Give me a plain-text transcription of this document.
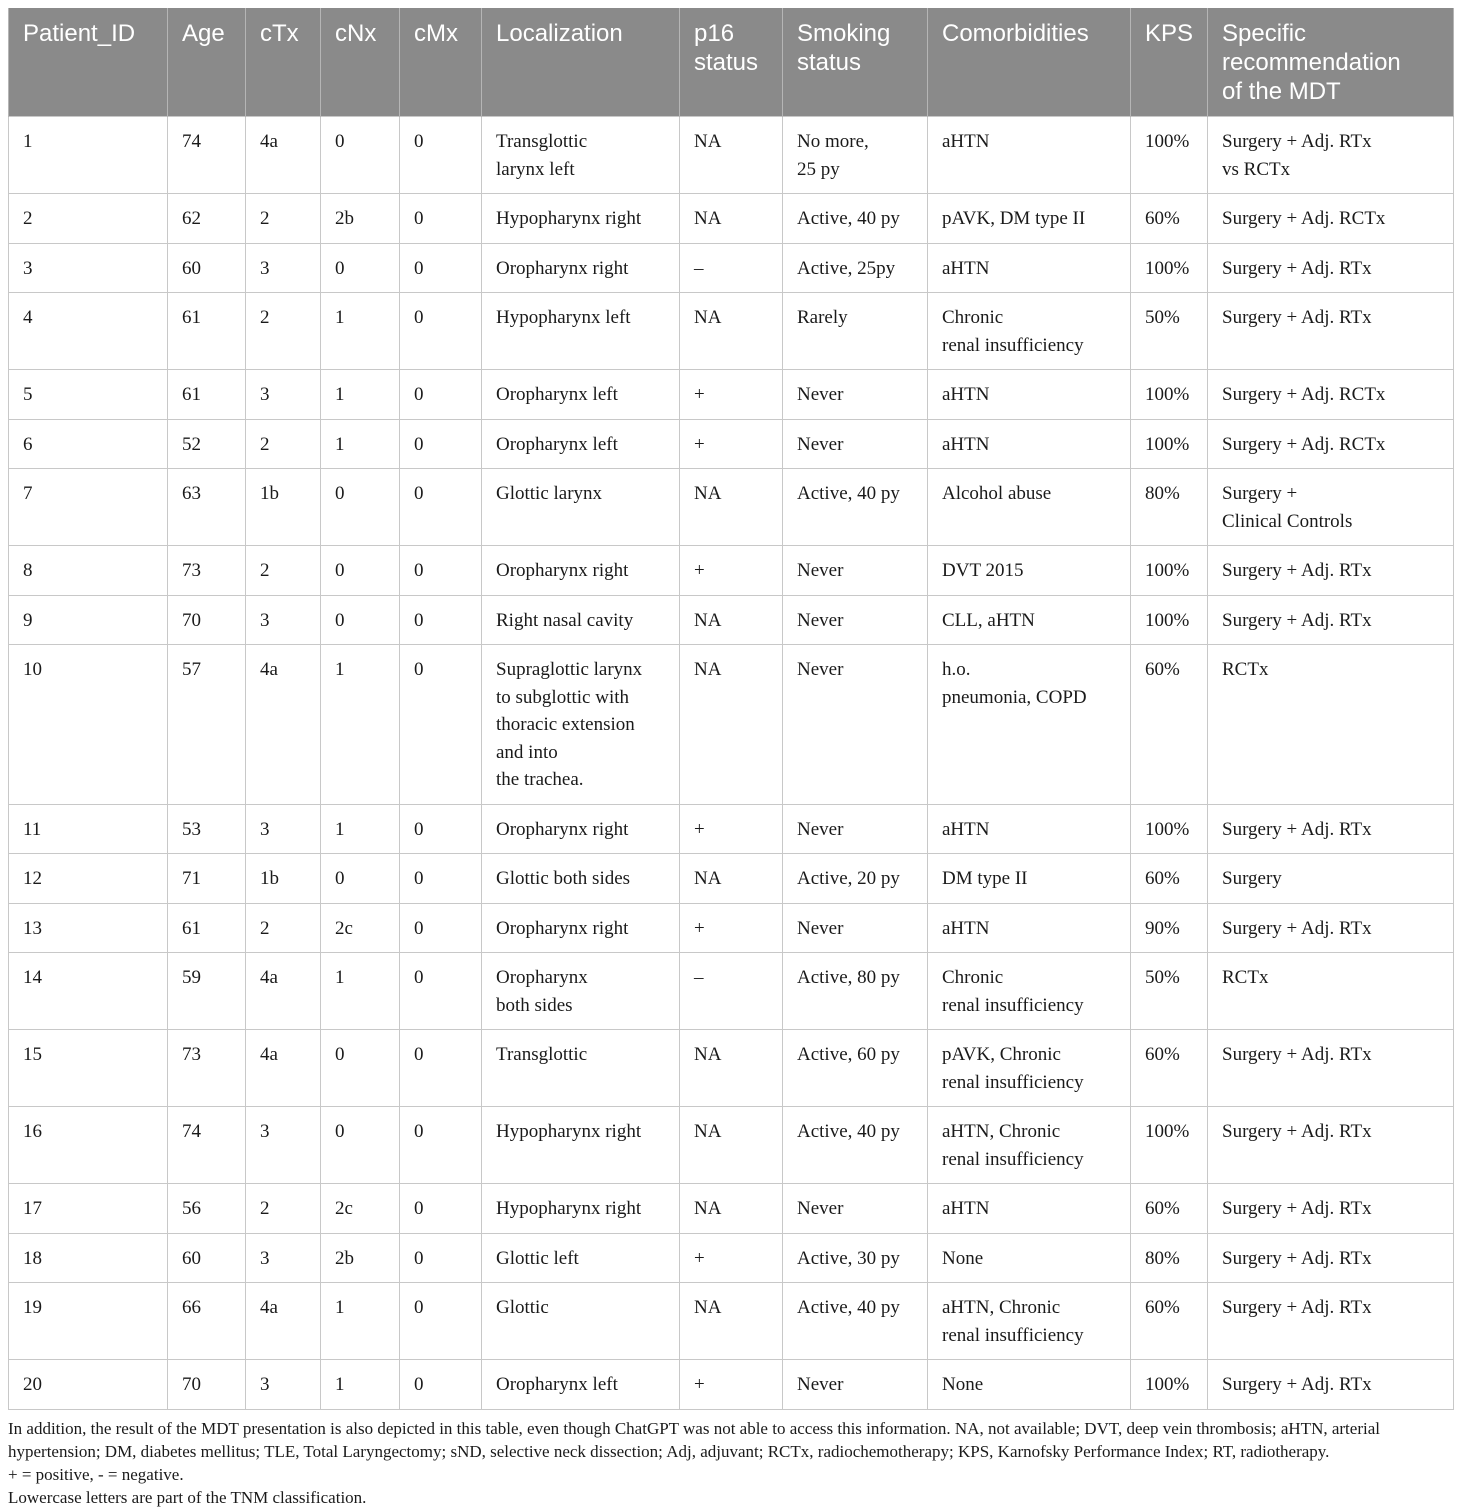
Patient_ID	Age	cTx	cNx	cMx	Localization	p16
status	Smoking
status	Comorbidities	KPS	Specific
recommendation
of the MDT

1	74	4a	0	0	Transglottic
larynx left	NA	No more,
25 py	aHTN	100%	Surgery + Adj. RTx
vs RCTx

2	62	2	2b	0	Hypopharynx right	NA	Active, 40 py	pAVK, DM type II	60%	Surgery + Adj. RCTx

3	60	3	0	0	Oropharynx right	–	Active, 25py	aHTN	100%	Surgery + Adj. RTx

4	61	2	1	0	Hypopharynx left	NA	Rarely	Chronic
renal insufficiency	50%	Surgery + Adj. RTx

5	61	3	1	0	Oropharynx left	+	Never	aHTN	100%	Surgery + Adj. RCTx

6	52	2	1	0	Oropharynx left	+	Never	aHTN	100%	Surgery + Adj. RCTx

7	63	1b	0	0	Glottic larynx	NA	Active, 40 py	Alcohol abuse	80%	Surgery +
Clinical Controls

8	73	2	0	0	Oropharynx right	+	Never	DVT 2015	100%	Surgery + Adj. RTx

9	70	3	0	0	Right nasal cavity	NA	Never	CLL, aHTN	100%	Surgery + Adj. RTx

10	57	4a	1	0	Supraglottic larynx
to subglottic with
thoracic extension
and into
the trachea.	NA	Never	h.o.
pneumonia, COPD	60%	RCTx

11	53	3	1	0	Oropharynx right	+	Never	aHTN	100%	Surgery + Adj. RTx

12	71	1b	0	0	Glottic both sides	NA	Active, 20 py	DM type II	60%	Surgery

13	61	2	2c	0	Oropharynx right	+	Never	aHTN	90%	Surgery + Adj. RTx

14	59	4a	1	0	Oropharynx
both sides	–	Active, 80 py	Chronic
renal insufficiency	50%	RCTx

15	73	4a	0	0	Transglottic	NA	Active, 60 py	pAVK, Chronic
renal insufficiency	60%	Surgery + Adj. RTx

16	74	3	0	0	Hypopharynx right	NA	Active, 40 py	aHTN, Chronic
renal insufficiency	100%	Surgery + Adj. RTx

17	56	2	2c	0	Hypopharynx right	NA	Never	aHTN	60%	Surgery + Adj. RTx

18	60	3	2b	0	Glottic left	+	Active, 30 py	None	80%	Surgery + Adj. RTx

19	66	4a	1	0	Glottic	NA	Active, 40 py	aHTN, Chronic
renal insufficiency	60%	Surgery + Adj. RTx

20	70	3	1	0	Oropharynx left	+	Never	None	100%	Surgery + Adj. RTx
In addition, the result of the MDT presentation is also depicted in this table, even though ChatGPT was not able to access this information. NA, not available; DVT, deep vein thrombosis; aHTN, arterial hypertension; DM, diabetes mellitus; TLE, Total Laryngectomy; sND, selective neck dissection; Adj, adjuvant; RCTx, radiochemotherapy; KPS, Karnofsky Performance Index; RT, radiotherapy.
+ = positive, - = negative.
Lowercase letters are part of the TNM classification.
